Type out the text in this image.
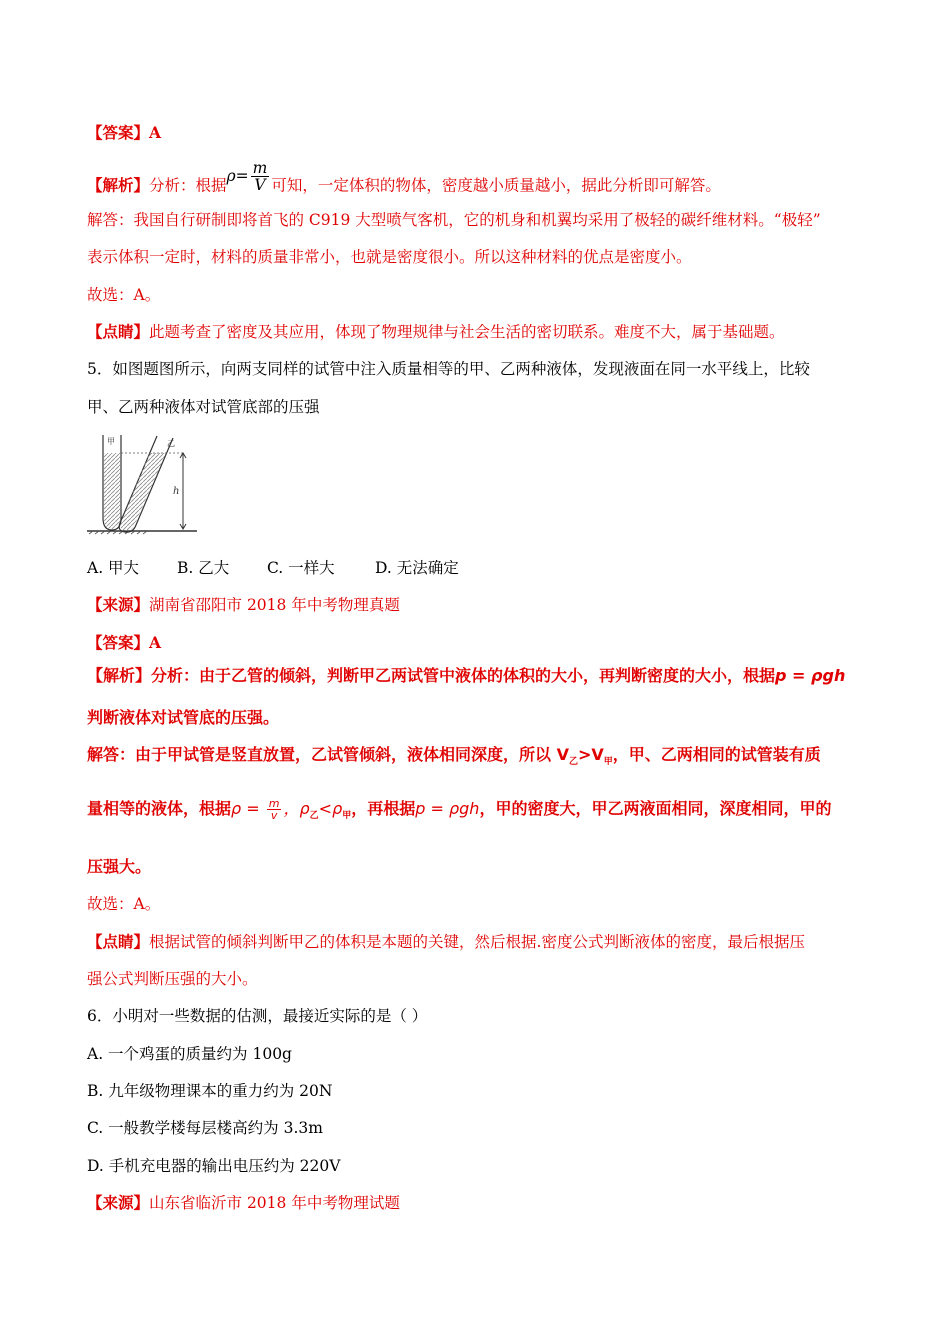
【答案】A
【解析】分析：根据$\rho= \frac{m}{V}$ 可知，一定体积的物体，密度越小质量越小，据此分析即可解答。
解答：我国自行研制即将首飞的 C919 大型喷气客机，它的机身和机翼均采用了极轻的碳纤维材料。“极轻”
表示体积一定时，材料的质量非常小，也就是密度很小。所以这种材料的优点是密度小。
故选：A。
【点睛】此题考查了密度及其应用，体现了物理规律与社会生活的密切联系。难度不大，属于基础题。
5．如图题图所示，向两支同样的试管中注入质量相等的甲、乙两种液体，发现液面在同一水平线上，比较
甲、乙两种液体对试管底部的压强
h
甲	乙
A. 甲大 B. 乙大 C. 一样大	D. 无法确定
【来源】湖南省邵阳市 2018 年中考物理真题
【答案】A
【解析】分析：由于乙管的倾斜，判断甲乙两试管中液体的体积的大小，再判断密度的大小，根据p = ρgh
判断液体对试管底的压强。
解答：由于甲试管是竖直放置，乙试管倾斜，液体相同深度，所以 $V_乙>V_甲$，甲、乙两相同的试管装有质
量相等的液体，根据$\rho = \frac{m}{v}$ ，$\rho_乙<\rho_甲$，再根据p = ρgh，甲的密度大，甲乙两液面相同，深度相同，甲的
压强大。
故选：A。
【点睛】根据试管的倾斜判断甲乙的体积是本题的关键，然后根据.密度公式判断液体的密度，最后根据压
强公式判断压强的大小。
6．小明对一些数据的估测，最接近实际的是（ ）
A. 一个鸡蛋的质量约为 100g
B. 九年级物理课本的重力约为 20N
C. 一般教学楼每层楼高约为 3.3m
D. 手机充电器的输出电压约为 220V
【来源】山东省临沂市 2018 年中考物理试题
